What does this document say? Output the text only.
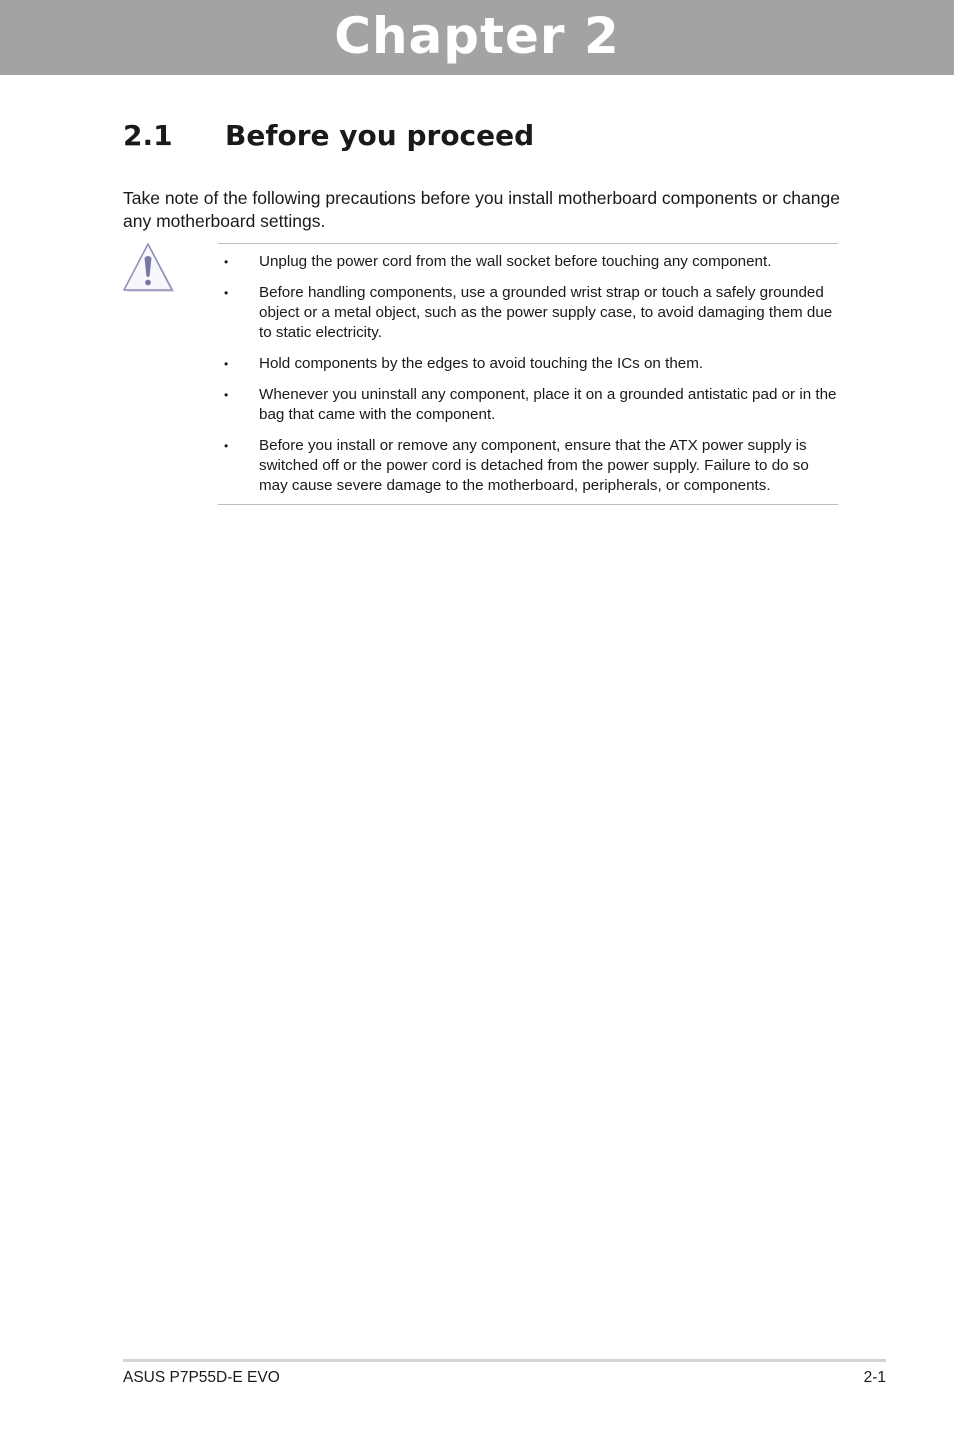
Chapter 2
2.1 Before you proceed

Take note of the following precautions before you install motherboard components or change any motherboard settings.

• Unplug the power cord from the wall socket before touching any component.
• Before handling components, use a grounded wrist strap or touch a safely grounded object or a metal object, such as the power supply case, to avoid damaging them due to static electricity.
• Hold components by the edges to avoid touching the ICs on them.
• Whenever you uninstall any component, place it on a grounded antistatic pad or in the bag that came with the component.
• Before you install or remove any component, ensure that the ATX power supply is switched off or the power cord is detached from the power supply. Failure to do so may cause severe damage to the motherboard, peripherals, or components.
ASUS P7P55D-E EVO	2-1
